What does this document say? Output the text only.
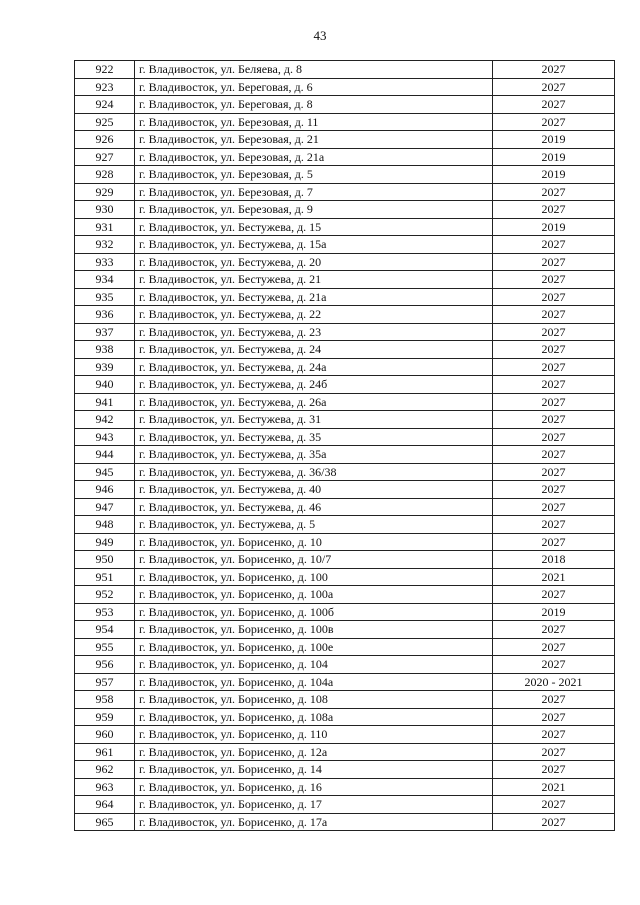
43
922	г. Владивосток, ул. Беляева, д. 8	2027
923	г. Владивосток, ул. Береговая, д. 6	2027
924	г. Владивосток, ул. Береговая, д. 8	2027
925	г. Владивосток, ул. Березовая, д. 11	2027
926	г. Владивосток, ул. Березовая, д. 21	2019
927	г. Владивосток, ул. Березовая, д. 21а	2019
928	г. Владивосток, ул. Березовая, д. 5	2019
929	г. Владивосток, ул. Березовая, д. 7	2027
930	г. Владивосток, ул. Березовая, д. 9	2027
931	г. Владивосток, ул. Бестужева, д. 15	2019
932	г. Владивосток, ул. Бестужева, д. 15а	2027
933	г. Владивосток, ул. Бестужева, д. 20	2027
934	г. Владивосток, ул. Бестужева, д. 21	2027
935	г. Владивосток, ул. Бестужева, д. 21а	2027
936	г. Владивосток, ул. Бестужева, д. 22	2027
937	г. Владивосток, ул. Бестужева, д. 23	2027
938	г. Владивосток, ул. Бестужева, д. 24	2027
939	г. Владивосток, ул. Бестужева, д. 24а	2027
940	г. Владивосток, ул. Бестужева, д. 24б	2027
941	г. Владивосток, ул. Бестужева, д. 26а	2027
942	г. Владивосток, ул. Бестужева, д. 31	2027
943	г. Владивосток, ул. Бестужева, д. 35	2027
944	г. Владивосток, ул. Бестужева, д. 35а	2027
945	г. Владивосток, ул. Бестужева, д. 36/38	2027
946	г. Владивосток, ул. Бестужева, д. 40	2027
947	г. Владивосток, ул. Бестужева, д. 46	2027
948	г. Владивосток, ул. Бестужева, д. 5	2027
949	г. Владивосток, ул. Борисенко, д. 10	2027
950	г. Владивосток, ул. Борисенко, д. 10/7	2018
951	г. Владивосток, ул. Борисенко, д. 100	2021
952	г. Владивосток, ул. Борисенко, д. 100а	2027
953	г. Владивосток, ул. Борисенко, д. 100б	2019
954	г. Владивосток, ул. Борисенко, д. 100в	2027
955	г. Владивосток, ул. Борисенко, д. 100е	2027
956	г. Владивосток, ул. Борисенко, д. 104	2027
957	г. Владивосток, ул. Борисенко, д. 104а	2020 - 2021
958	г. Владивосток, ул. Борисенко, д. 108	2027
959	г. Владивосток, ул. Борисенко, д. 108а	2027
960	г. Владивосток, ул. Борисенко, д. 110	2027
961	г. Владивосток, ул. Борисенко, д. 12а	2027
962	г. Владивосток, ул. Борисенко, д. 14	2027
963	г. Владивосток, ул. Борисенко, д. 16	2021
964	г. Владивосток, ул. Борисенко, д. 17	2027
965	г. Владивосток, ул. Борисенко, д. 17а	2027
